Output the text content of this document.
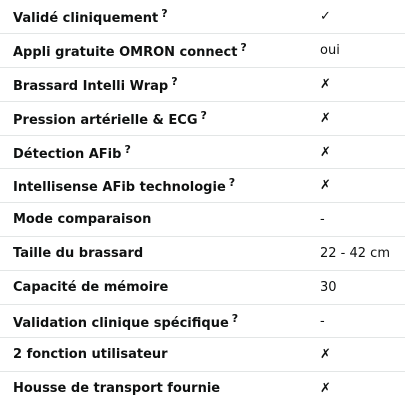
Validé cliniquement ?	✓
Appli gratuite OMRON connect ?	oui
Brassard Intelli Wrap ?	✗
Pression artérielle & ECG ?	✗
Détection AFib ?	✗
Intellisense AFib technologie ?	✗
Mode comparaison	-
Taille du brassard	22 - 42 cm
Capacité de mémoire	30
Validation clinique spécifique ?	-
2 fonction utilisateur	✗
Housse de transport fournie	✗
